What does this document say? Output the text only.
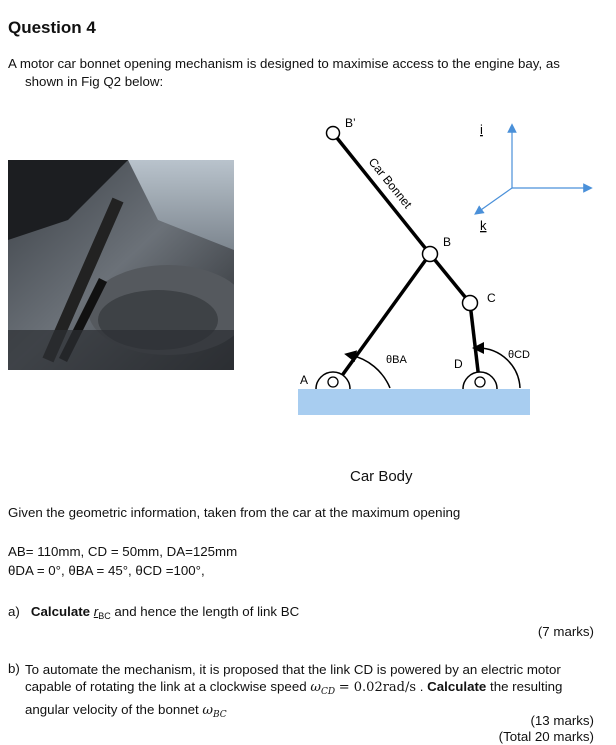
Question 4
A motor car bonnet opening mechanism is designed to maximise access to the engine bay, as
shown in Fig Q2 below:
B’
B
C
D
A
θBA	θCD
i
k
Car Bonnet
Car Body
Given the geometric information, taken from the car at the maximum opening
AB= 110mm, CD = 50mm, DA=125mm
θDA = 0°, θBA = 45°, θCD =100°,
a) Calculate $r_{BC}$ and hence the length of link BC
(7 marks)
b) To automate the mechanism, it is proposed that the link CD is powered by an electric motor capable of rotating the link at a clockwise speed $\omega_{CD} = 0.02rad/s$ . Calculate the resulting angular velocity of the bonnet $\omega_{BC}$	(13 marks)
(Total 20 marks)
